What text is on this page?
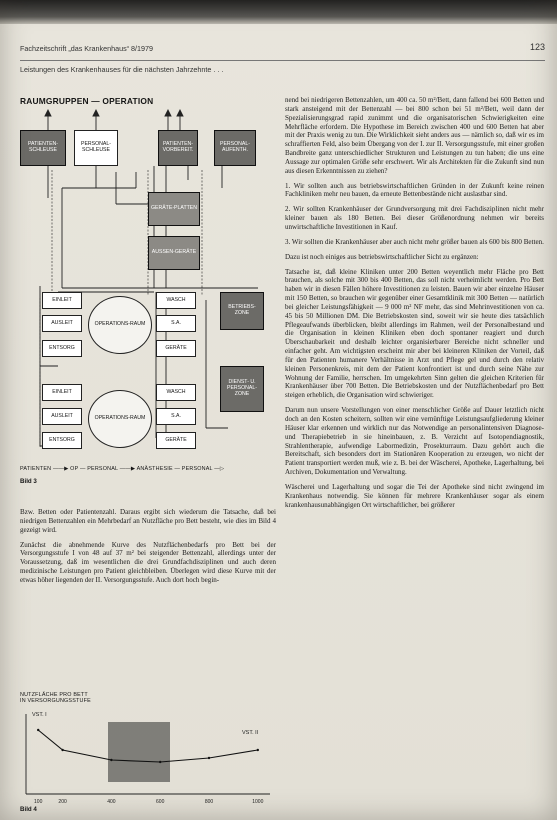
Fachzeitschrift „das Krankenhaus“ 8/1979	123
Leistungen des Krankenhauses für die nächsten Jahrzehnte . . .
RAUMGRUPPEN — OPERATION
PATIENTEN-SCHLEUSE
PERSONAL-SCHLEUSE
PATIENTEN-VORBEREIT.
PERSONAL-AUFENTH.
GERÄTE-PLATTEN
AUSSEN-GERÄTE
EINLEIT
AUSLEIT
ENTSORG
OPERATIONS-RAUM
WASCH
S.A.
GERÄTE
BETRIEBS-ZONE
DIENST- U. PERSONAL-ZONE
EINLEIT
AUSLEIT
ENTSORG
OPERATIONS-RAUM
WASCH
S.A.
GERÄTE
PATIENTEN ——▶ OP — PERSONAL ——▶ ANÄSTHESIE — PERSONAL —▷
Bild 3

Bzw. Betten oder Patientenzahl. Daraus ergibt sich wiederum die Tatsache, daß bei niedrigen Bettenzahlen ein Mehrbedarf an Nutzfläche pro Bett besteht, wie dies im Bild 4 gezeigt wird.

Zunächst die abnehmende Kurve des Nutzflächenbedarfs pro Bett bei der Versorgungsstufe I von 48 auf 37 m² bei steigender Bettenzahl, allerdings unter der Voraussetzung, daß im wesentlichen die drei Grundfachdisziplinen und auch deren medizinische Leistungen pro Patient gleichbleiben. Überlegen wird diese Kurve mit der etwas höher liegenden der II. Versorgungsstufe. Auch dort hoch begin-

NUTZFLÄCHE PRO BETT
IN VERSORGUNGSSTUFE
100	200	400	600	800	1000
VST. I
VST. II
Bild 4

nend bei niedrigeren Bettenzahlen, um 400 ca. 50 m²/Bett, dann fallend bei 600 Betten und stark ansteigend mit der Bettenzahl — bei 800 schon bei 51 m²/Bett, weil dann der Spezialisierungsgrad rapid zunimmt und die organisatorischen Schwierigkeiten eine Mehrfläche erfordern. Die Hypothese im Bereich zwischen 400 und 600 Betten hat aber mit der Praxis wenig zu tun. Die Wirklichkeit sieht anders aus — nämlich so, daß wir es im schraffierten Feld, also beim Übergang von der I. zur II. Versorgungsstufe, mit einer großen Bandbreite ganz unterschiedlicher Strukturen und Leistungen zu tun haben; die uns eine Aussage zur optimalen Größe sehr erschwert. Wir als Architekten für die Zukunft sind nun aus diesen Erkenntnissen zu ziehen?

1. Wir sollten auch aus betriebswirtschaftlichen Gründen in der Zukunft keine reinen Fachkliniken mehr neu bauen, da erneute Bettenbestände nicht auslastbar sind.

2. Wir sollten Krankenhäuser der Grundversorgung mit drei Fachdisziplinen nicht mehr kleiner bauen als 180 Betten. Bei dieser Größenordnung nehmen wir bereits unwirtschaftliche Investitionen in Kauf.

3. Wir sollten die Krankenhäuser aber auch nicht mehr größer bauen als 600 bis 800 Betten.

Dazu ist noch einiges aus betriebswirtschaftlicher Sicht zu ergänzen:

Tatsache ist, daß kleine Kliniken unter 200 Betten weyentlich mehr Fläche pro Bett brauchen, als solche mit 300 bis 400 Betten, das soll nicht verheimlicht werden. Pro Bett haben wir in diesen Fällen höhere Investitionen zu leisten. Bauen wir aber einzelne Häuser mit 150 Betten, so brauchen wir gegenüber einer Gesamtklinik mit 300 Betten — natürlich bei gleicher Leistungsfähigkeit — 9 000 m² NF mehr, das sind Mehrinvestitionen von ca. 45 bis 50 Millionen DM. Die Betriebskosten sind, soweit wir sie heute dies tatsächlich Pflegeaufwands überblicken, bleibt allerdings im Rahmen, weil der Personalbestand und die Organisation in kleinen Kliniken eben doch spontaner reagiert und durch Überschaubarkeit und deshalb leichter organisierbarer Bereiche nicht schneller und einfacher geht. Am wichtigsten erscheint mir aber bei kleineren Kliniken der Vorteil, daß für den Patienten humanere Verhältnisse in Arzt und Pflege gel und durch den relativ kleinen Personenkreis, mit dem der Patient konfrontiert ist und durch seine Nähe zur Wohnung der Familie, herrschen. Im umgekehrten Sinn gelten die gleichen Kriterien für Krankenhäuser über 700 Betten. Die Betriebskosten und der Nutzflächenbedarf pro Bett steigen erheblich, die Organisation wird schwieriger.

Darum nun unsere Vorstellungen von einer menschlicher Größe auf Dauer letztlich nicht doch an den Kosten scheitern, sollten wir eine vernünftige Leistungsaufgliederung kleiner Häuser klar erkennen und wirklich nur das Notwendige an personalintensiven Diagnose- und Therapiebetrieb in sie hineinbauen, z. B. Verzicht auf Isotopendiagnostik, Strahlentherapie, aufwendige Labormedizin, Prosekturraum. Dazu gehört auch die Bereitschaft, sich besonders dort im Stationären Kooperation zu erzeugen, wo nicht der Patient transportiert werden muß, wie z. B. bei der Wäscherei, Apotheke, Lagerhaltung, bei Archiven, Dokumentation und Verwaltung.

Wäscherei und Lagerhaltung und sogar die Tei der Apotheke sind nicht zwingend im Krankenhaus notwendig. Sie können für mehrere Krankenhäuser sogar als einem krankenhausunabhängigen Ort wirtschaftlicher, bei größerer
